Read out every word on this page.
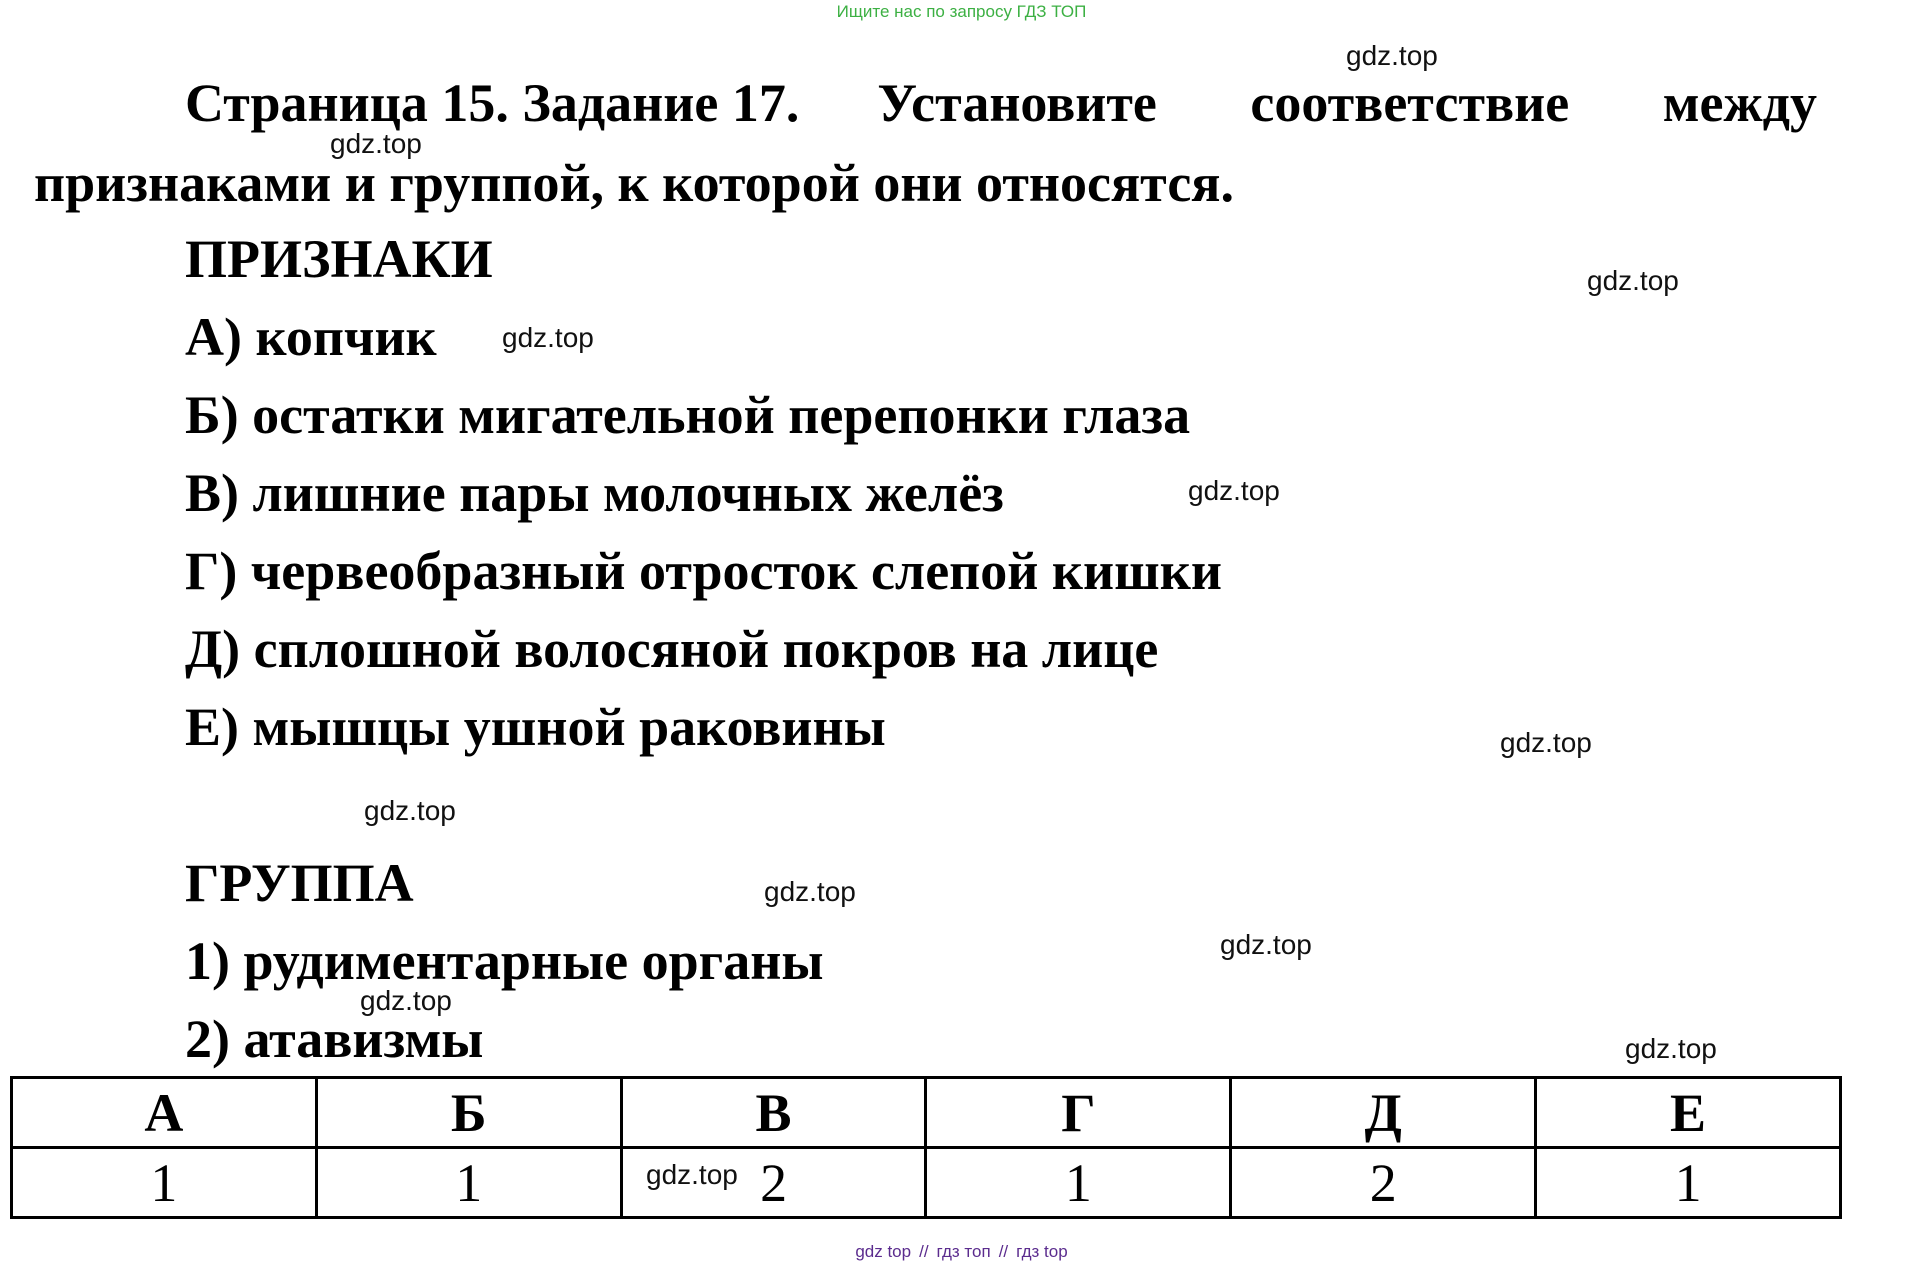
Ищите нас по запросу ГДЗ ТОП
Страница 15. Задание 17. Установите соответствие между
признаками и группой, к которой они относятся.
ПРИЗНАКИ
А) копчик
Б) остатки мигательной перепонки глаза
В) лишние пары молочных желёз
Г) червеобразный отросток слепой кишки
Д) сплошной волосяной покров на лице
Е) мышцы ушной раковины
ГРУППА
1) рудиментарные органы
2) атавизмы
А	Б	В	Г	Д	Е
1	1	2	1	2	1
gdz.top
gdz.top
gdz.top
gdz.top
gdz.top
gdz.top
gdz.top
gdz.top
gdz.top
gdz.top
gdz.top
gdz.top
gdz top // гдз топ // гдз top
